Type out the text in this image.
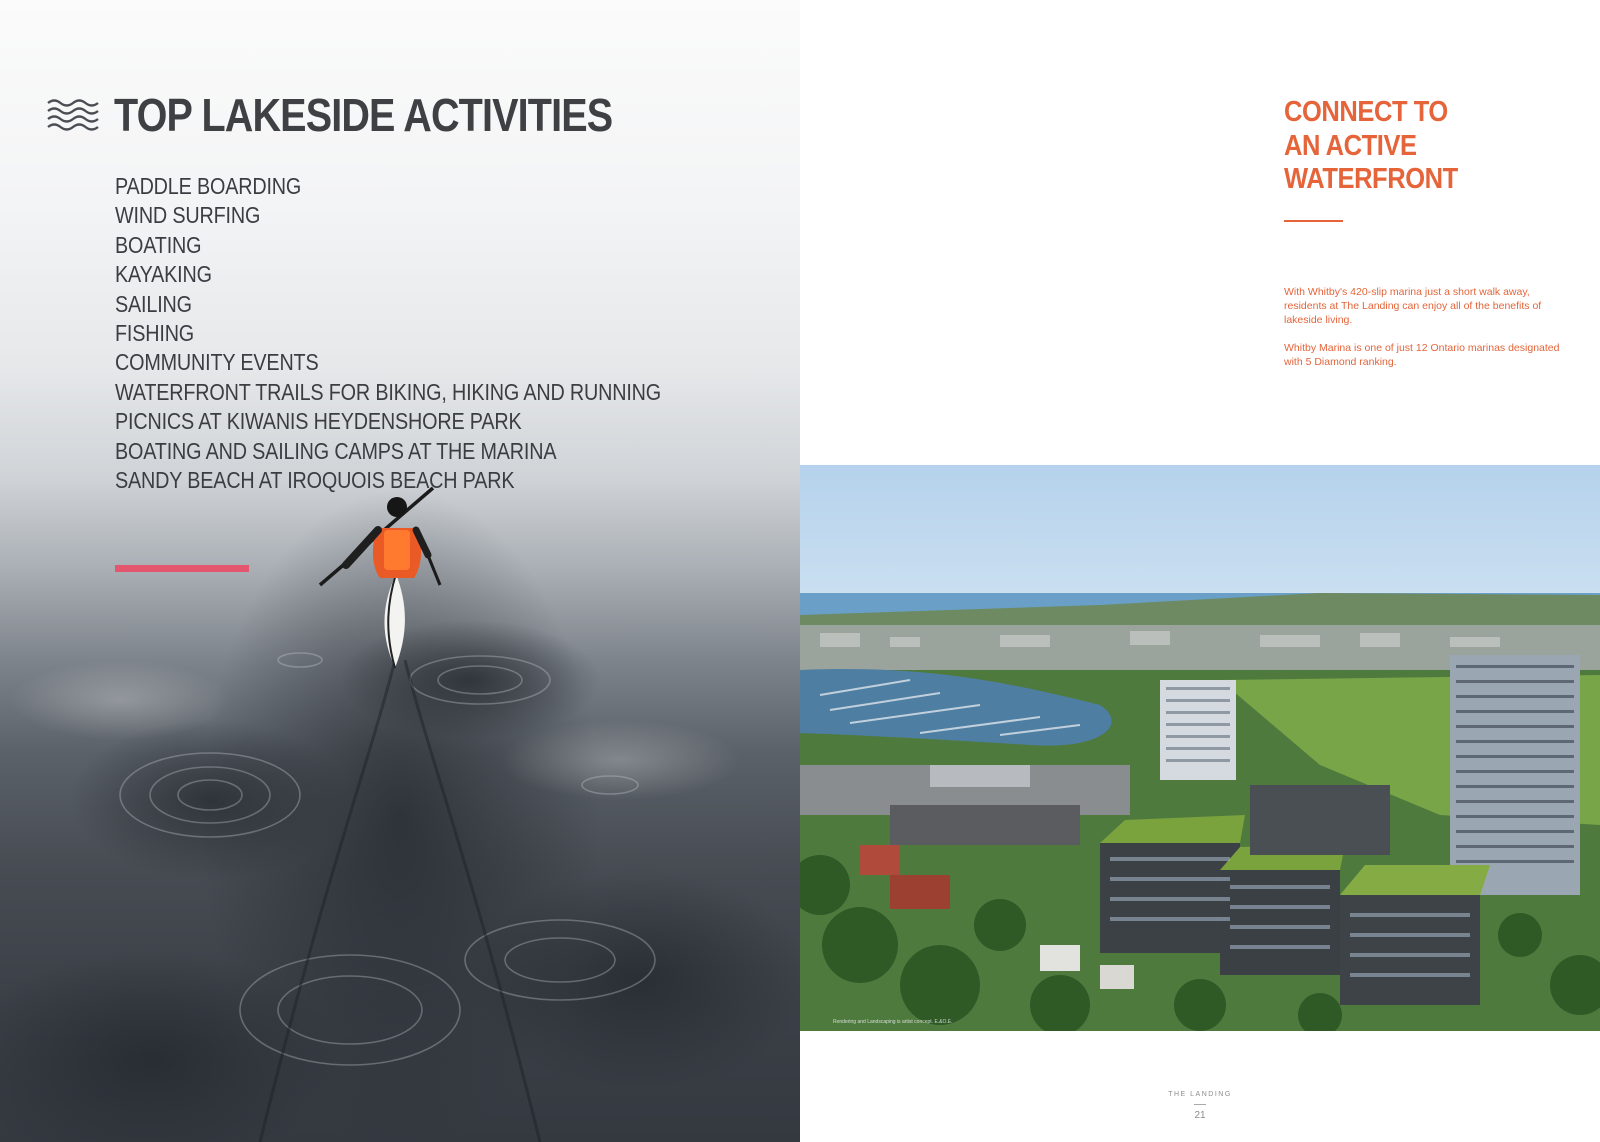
TOP LAKESIDE ACTIVITIES
PADDLE BOARDING
WIND SURFING
BOATING
KAYAKING
SAILING
FISHING
COMMUNITY EVENTS
WATERFRONT TRAILS FOR BIKING, HIKING AND RUNNING
PICNICS AT KIWANIS HEYDENSHORE PARK
BOATING AND SAILING CAMPS AT THE MARINA
SANDY BEACH AT IROQUOIS BEACH PARK
CONNECT TO
AN ACTIVE
WATERFRONT

With Whitby's 420-slip marina just a short walk away, residents at The Landing can enjoy all of the benefits of lakeside living.

Whitby Marina is one of just 12 Ontario marinas designated with 5 Diamond ranking.

Rendering and Landscaping is artist concept. E.&O.E.
THE LANDING
21
